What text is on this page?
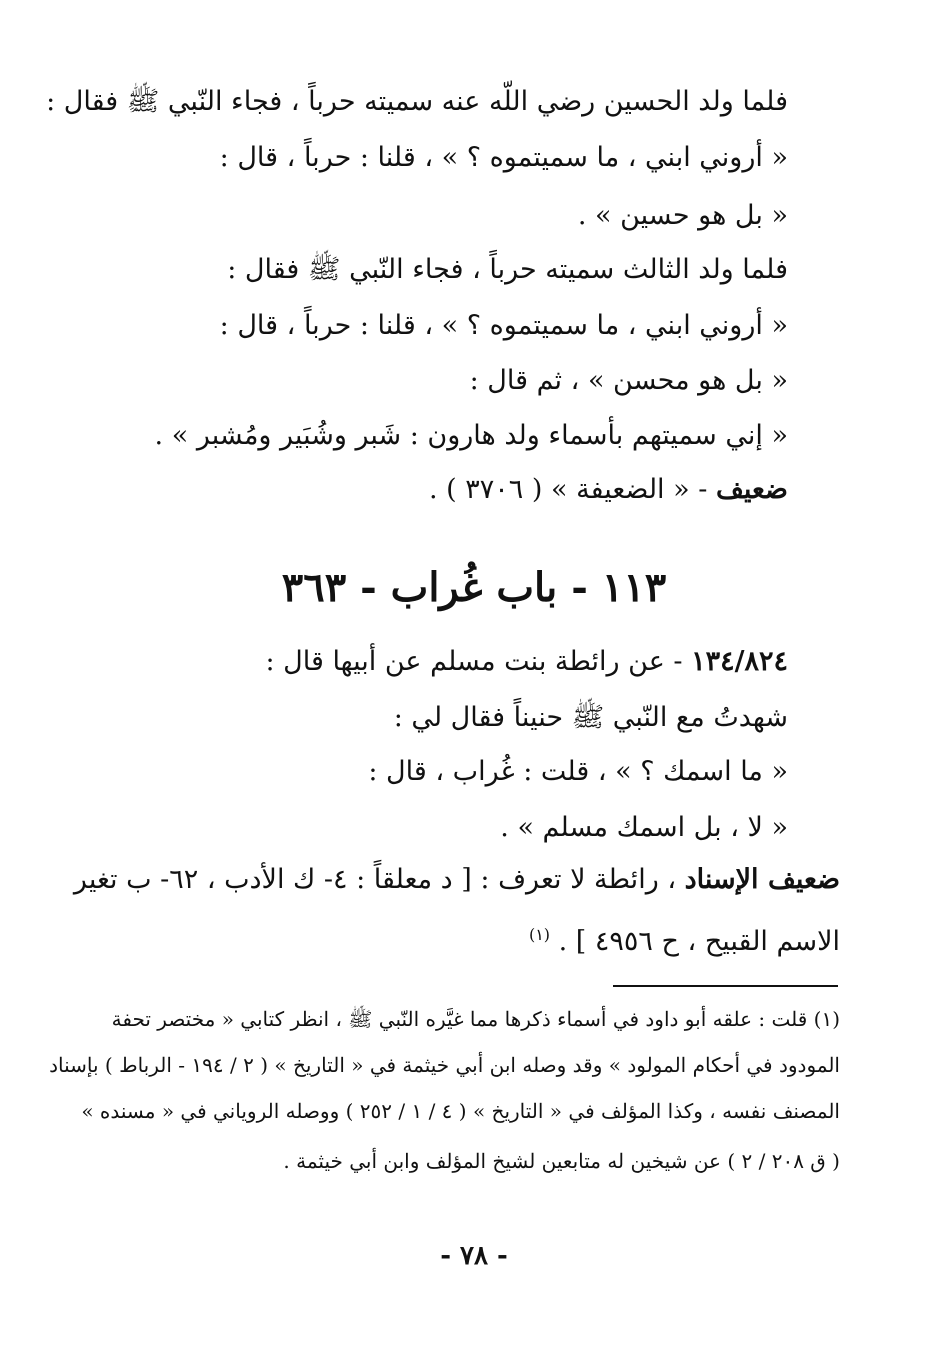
فلما ولد الحسين رضي اللّه عنه سميته حرباً ، فجاء النّبي ﷺ فقال :
« أروني ابني ، ما سميتموه ؟ » ، قلنا : حرباً ، قال :
« بل هو حسين » .
فلما ولد الثالث سميته حرباً ، فجاء النّبي ﷺ فقال :
« أروني ابني ، ما سميتموه ؟ » ، قلنا : حرباً ، قال :
« بل هو محسن » ، ثم قال :
« إني سميتهم بأسماء ولد هارون : شَبر وشُبَير ومُشبر » .
ضعيف - « الضعيفة » ( ٣٧٠٦ ) .
١١٣ - باب غُراب - ٣٦٣
١٣٤/٨٢٤ - عن رائطة بنت مسلم عن أبيها قال :
شهدتُ مع النّبي ﷺ حنيناً فقال لي :
« ما اسمك ؟ » ، قلت : غُراب ، قال :
« لا ، بل اسمك مسلم » .
ضعيف الإسناد ، رائطة لا تعرف : [ د معلقاً : ٤- ك الأدب ، ٦٢- ب تغير
الاسم القبيح ، ح ٤٩٥٦ ] . $^{(١)}$
(١) قلت : علقه أبو داود في أسماء ذكرها مما غيَّره النّبي ﷺ ، انظر كتابي « مختصر تحفة
المودود في أحكام المولود » وقد وصله ابن أبي خيثمة في « التاريخ » ( ٢ / ١٩٤ - الرباط ) بإسناد
المصنف نفسه ، وكذا المؤلف في « التاريخ » ( ٤ / ١ / ٢٥٢ ) ووصله الروياني في « مسنده »
( ق ٢٠٨ / ٢ ) عن شيخين له متابعين لشيخ المؤلف وابن أبي خيثمة .
- ٧٨ -
